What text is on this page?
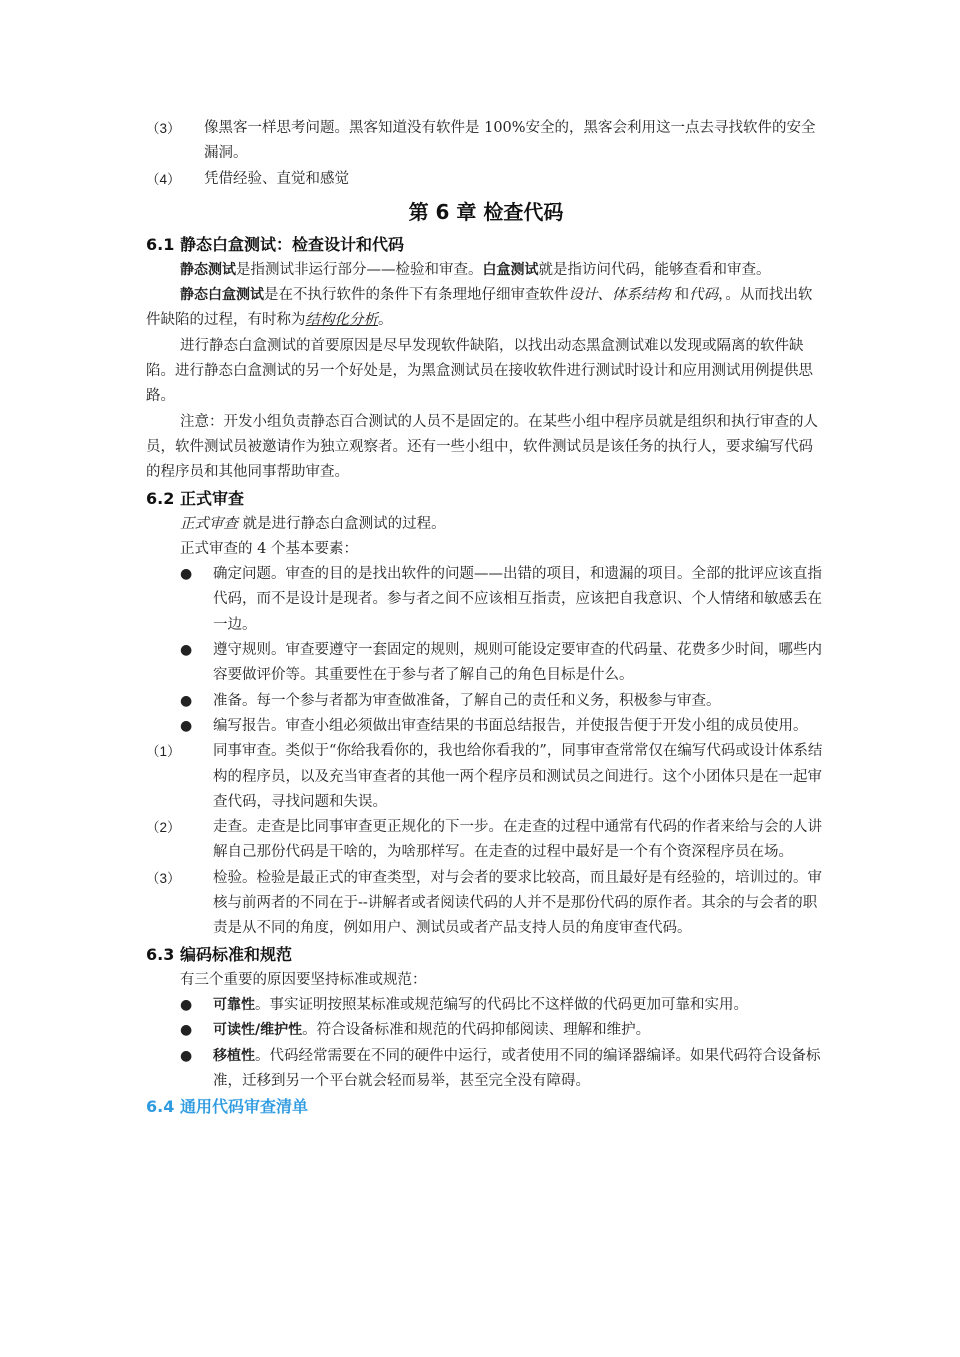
（3）	像黑客一样思考问题。黑客知道没有软件是 100%安全的，黑客会利用这一点去寻找软件的安全漏洞。
（4）	凭借经验、直觉和感觉
第 6 章 检查代码
6.1 静态白盒测试：检查设计和代码

静态测试是指测试非运行部分——检验和审查。白盒测试就是指访问代码，能够查看和审查。

静态白盒测试是在不执行软件的条件下有条理地仔细审查软件设计、体系结构 和代码，。从而找出软件缺陷的过程，有时称为结构化分析。

进行静态白盒测试的首要原因是尽早发现软件缺陷，以找出动态黑盒测试难以发现或隔离的软件缺陷。进行静态白盒测试的另一个好处是，为黑盒测试员在接收软件进行测试时设计和应用测试用例提供思路。

注意：开发小组负责静态百合测试的人员不是固定的。在某些小组中程序员就是组织和执行审查的人员，软件测试员被邀请作为独立观察者。还有一些小组中，软件测试员是该任务的执行人，要求编写代码的程序员和其他同事帮助审查。

6.2 正式审查

正式审查 就是进行静态白盒测试的过程。

正式审查的 4 个基本要素：

●	确定问题。审查的目的是找出软件的问题——出错的项目，和遗漏的项目。全部的批评应该直指代码，而不是设计是现者。参与者之间不应该相互指责，应该把自我意识、个人情绪和敏感丢在一边。
●	遵守规则。审查要遵守一套固定的规则，规则可能设定要审查的代码量、花费多少时间，哪些内容要做评价等。其重要性在于参与者了解自己的角色目标是什么。
●	准备。每一个参与者都为审查做准备，了解自己的责任和义务，积极参与审查。
●	编写报告。审查小组必须做出审查结果的书面总结报告，并使报告便于开发小组的成员使用。
（1）	同事审查。类似于“你给我看你的，我也给你看我的”，同事审查常常仅在编写代码或设计体系结构的程序员，以及充当审查者的其他一两个程序员和测试员之间进行。这个小团体只是在一起审查代码，寻找问题和失误。
（2）	走查。走查是比同事审查更正规化的下一步。在走查的过程中通常有代码的作者来给与会的人讲解自己那份代码是干啥的，为啥那样写。在走查的过程中最好是一个有个资深程序员在场。
（3）	检验。检验是最正式的审查类型，对与会者的要求比较高，而且最好是有经验的，培训过的。审核与前两者的不同在于--讲解者或者阅读代码的人并不是那份代码的原作者。其余的与会者的职责是从不同的角度，例如用户、测试员或者产品支持人员的角度审查代码。
6.3 编码标准和规范

有三个重要的原因要坚持标准或规范：

●	可靠性。事实证明按照某标准或规范编写的代码比不这样做的代码更加可靠和实用。
●	可读性/维护性。符合设备标准和规范的代码抑郁阅读、理解和维护。
●	移植性。代码经常需要在不同的硬件中运行，或者使用不同的编译器编译。如果代码符合设备标准，迁移到另一个平台就会轻而易举，甚至完全没有障碍。
6.4 通用代码审查清单
